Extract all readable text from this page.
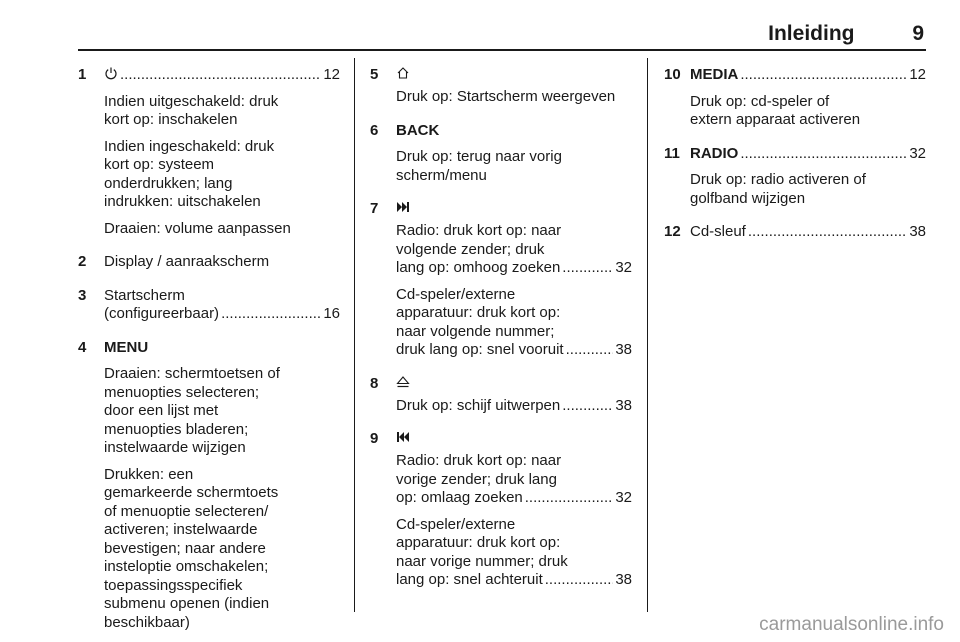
Inleiding	9
1 .....	12
Indien uitgeschakeld: druk
kort op: inschakelen
Indien ingeschakeld: druk
kort op: systeem
onderdrukken; lang
indrukken: uitschakelen
Draaien: volume aanpassen
2 Display / aanraakscherm
3 Startscherm
(configureerbaar) .....	16
4 MENU
Draaien: schermtoetsen of
menuopties selecteren;
door een lijst met
menuopties bladeren;
instelwaarde wijzigen
Drukken: een
gemarkeerde schermtoets
of menuoptie selecteren/
activeren; instelwaarde
bevestigen; naar andere
insteloptie omschakelen;
toepassingsspecifiek
submenu openen (indien
beschikbaar)
5
Druk op: Startscherm weergeven
6 BACK
Druk op: terug naar vorig
scherm/menu
7
Radio: druk kort op: naar
volgende zender; druk
lang op: omhoog zoeken .....	32
Cd-speler/externe
apparatuur: druk kort op:
naar volgende nummer;
druk lang op: snel vooruit .....	38
8
Druk op: schijf uitwerpen .....	38
9
Radio: druk kort op: naar
vorige zender; druk lang
op: omlaag zoeken .....	32
Cd-speler/externe
apparatuur: druk kort op:
naar vorige nummer; druk
lang op: snel achteruit .....	38
10 MEDIA .....	12
Druk op: cd-speler of
extern apparaat activeren
11 RADIO .....	32
Druk op: radio activeren of
golfband wijzigen
12 Cd-sleuf .....	38
carmanualsonline.info
